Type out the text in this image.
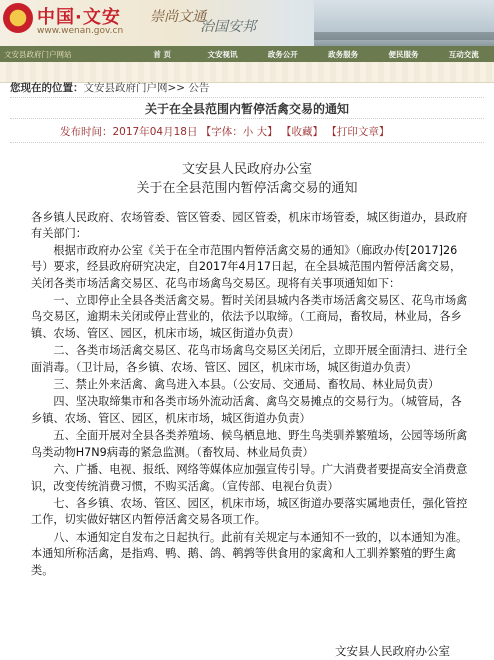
★ 中国·文安
www.wenan.gov.cn
崇尚文通
治国安邦
文安县政府门户网站	首 页	文安视讯	政务公开	政务服务	便民服务	互动交流
您现在的位置：文安县政府门户网>> 公告
关于在全县范围内暂停活禽交易的通知
发布时间：2017年04月18日 【字体：小 大】 【收藏】 【打印文章】
文安县人民政府办公室
关于在全县范围内暂停活禽交易的通知

各乡镇人民政府、农场管委、管区管委、园区管委，机床市场管委，城区街道办，县政府有关部门：

　　根据市政府办公室《关于在全市范围内暂停活禽交易的通知》（廊政办传[2017]26号）要求，经县政府研究决定，自2017年4月17日起，在全县城范围内暂停活禽交易，关闭各类市场活禽交易区、花鸟市场禽鸟交易区。现将有关事项通知如下：

　　一、立即停止全县各类活禽交易。暂时关闭县城内各类市场活禽交易区、花鸟市场禽鸟交易区，逾期未关闭或停止营业的，依法予以取缔。（工商局，畜牧局，林业局，各乡镇、农场、管区、园区，机床市场，城区街道办负责）

　　二、各类市场活禽交易区、花鸟市场禽鸟交易区关闭后，立即开展全面清扫、进行全面消毒。（卫计局，各乡镇、农场、管区、园区，机床市场，城区街道办负责）

　　三、禁止外来活禽、禽鸟进入本县。（公安局、交通局、畜牧局、林业局负责）

　　四、坚决取缔集市和各类市场外流动活禽、禽鸟交易摊点的交易行为。（城管局，各乡镇、农场、管区、园区，机床市场，城区街道办负责）

　　五、全面开展对全县各类养殖场、候鸟栖息地、野生鸟类驯养繁殖场，公园等场所禽鸟类动物H7N9病毒的紧急监测。（畜牧局、林业局负责）

　　六、广播、电视、报纸、网络等媒体应加强宣传引导。广大消费者要提高安全消费意识，改变传统消费习惯，不购买活禽。（宣传部、电视台负责）

　　七、各乡镇、农场、管区、园区，机床市场，城区街道办要落实属地责任，强化管控工作，切实做好辖区内暂停活禽交易各项工作。

　　八、本通知定自发布之日起执行。此前有关规定与本通知不一致的，以本通知为准。本通知所称活禽，是指鸡、鸭、鹅、鸽、鹌鹑等供食用的家禽和人工驯养繁殖的野生禽类。

文安县人民政府办公室
